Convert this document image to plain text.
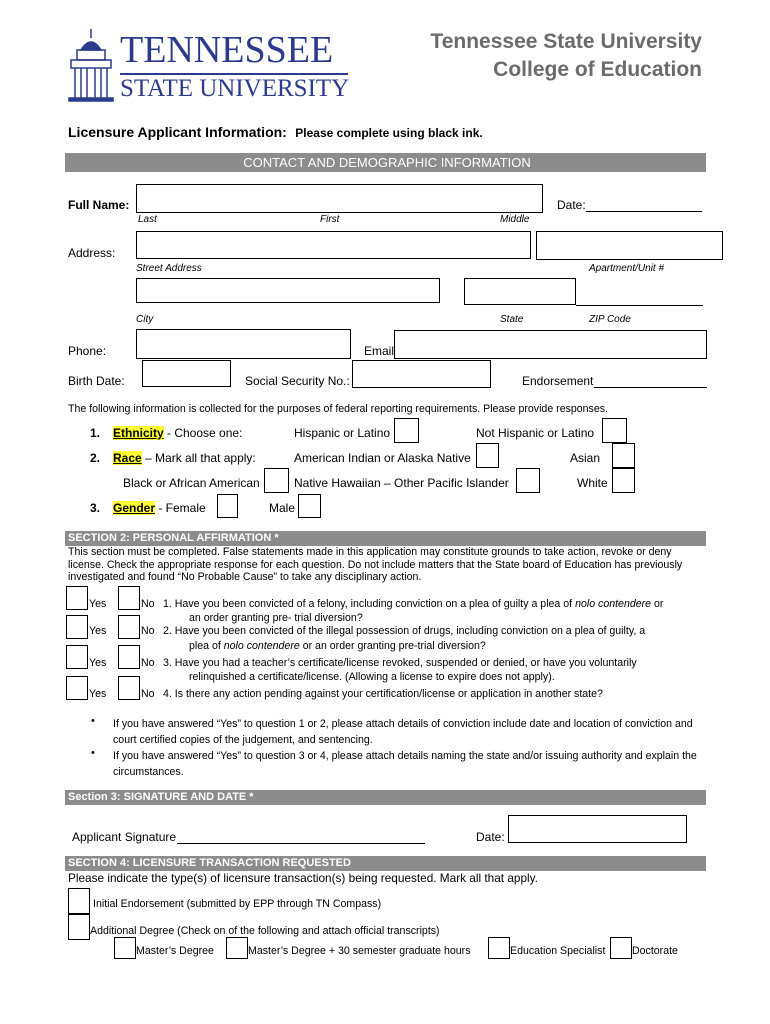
TENNESSEE
STATE UNIVERSITY
Tennessee State University
College of Education
Licensure Applicant Information: Please complete using black ink.
CONTACT AND DEMOGRAPHIC INFORMATION
Full Name:	Date:
Last	First	Middle
Address:
Street Address	Apartment/Unit #
City	State	ZIP Code
Phone:	Email
Birth Date:	Social Security No.:	Endorsement
The following information is collected for the purposes of federal reporting requirements. Please provide responses.
1. Ethnicity - Choose one:	Hispanic or Latino	Not Hispanic or Latino
2. Race – Mark all that apply:	American Indian or Alaska Native	Asian
Black or African American	Native Hawaiian – Other Pacific Islander	White
3. Gender - Female	Male
SECTION 2: PERSONAL AFFIRMATION *
This section must be completed. False statements made in this application may constitute grounds to take action, revoke or deny license. Check the appropriate response for each question. Do not include matters that the State board of Education has previously investigated and found “No Probable Cause” to take any disciplinary action.
Yes	No 1. Have you been convicted of a felony, including conviction on a plea of guilty a plea of nolo contendere or
an order granting pre- trial diversion?
Yes	No 2. Have you been convicted of the illegal possession of drugs, including conviction on a plea of guilty, a
plea of nolo contendere or an order granting pre-trial diversion?
Yes	No 3. Have you had a teacher’s certificate/license revoked, suspended or denied, or have you voluntarily
relinquished a certificate/license. (Allowing a license to expire does not apply).
Yes	No 4. Is there any action pending against your certification/license or application in another state?
• If you have answered “Yes” to question 1 or 2, please attach details of conviction include date and location of conviction and court certified copies of the judgement, and sentencing.
• If you have answered “Yes” to question 3 or 4, please attach details naming the state and/or issuing authority and explain the circumstances.
Section 3: SIGNATURE AND DATE *
Applicant Signature	Date:
SECTION 4: LICENSURE TRANSACTION REQUESTED
Please indicate the type(s) of licensure transaction(s) being requested. Mark all that apply.
Initial Endorsement (submitted by EPP through TN Compass)
Additional Degree (Check on of the following and attach official transcripts)
Master’s Degree	Master’s Degree + 30 semester graduate hours	Education Specialist	Doctorate
